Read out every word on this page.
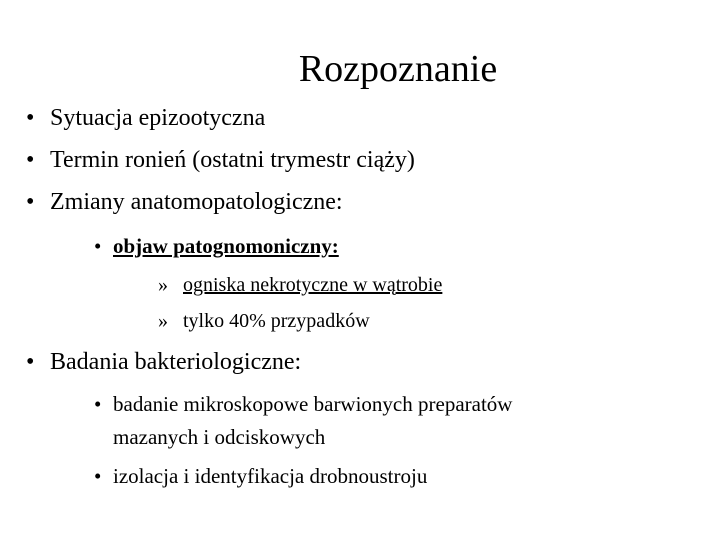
Rozpoznanie
• Sytuacja epizootyczna
• Termin ronień (ostatni trymestr ciąży)
• Zmiany anatomopatologiczne:
• objaw patognomoniczny:
» ogniska nekrotyczne w wątrobie
» tylko 40% przypadków
• Badania bakteriologiczne:
• badanie mikroskopowe barwionych preparatów
mazanych i odciskowych
• izolacja i identyfikacja drobnoustroju
